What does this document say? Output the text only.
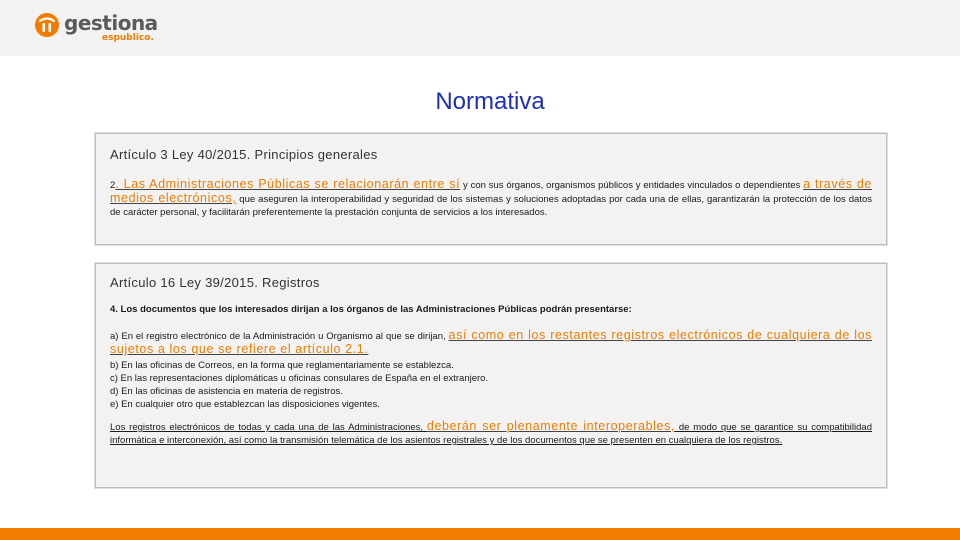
gestiona
espublico.
Normativa
Artículo 3 Ley 40/2015. Principios generales
2. Las Administraciones Públicas se relacionarán entre sí y con sus órganos, organismos públicos y entidades vinculados o dependientes a través de medios electrónicos, que aseguren la interoperabilidad y seguridad de los sistemas y soluciones adoptadas por cada una de ellas, garantizarán la protección de los datos de carácter personal, y facilitarán preferentemente la prestación conjunta de servicios a los interesados.
Artículo 16 Ley 39/2015. Registros
4. Los documentos que los interesados dirijan a los órganos de las Administraciones Públicas podrán presentarse:
a) En el registro electrónico de la Administración u Organismo al que se dirijan, así como en los restantes registros electrónicos de cualquiera de los sujetos a los que se refiere el artículo 2.1.
b) En las oficinas de Correos, en la forma que reglamentariamente se establezca.
c) En las representaciones diplomáticas u oficinas consulares de España en el extranjero.
d) En las oficinas de asistencia en materia de registros.
e) En cualquier otro que establezcan las disposiciones vigentes.
Los registros electrónicos de todas y cada una de las Administraciones, deberán ser plenamente interoperables, de modo que se garantice su compatibilidad informática e interconexión, así como la transmisión telemática de los asientos registrales y de los documentos que se presenten en cualquiera de los registros.
